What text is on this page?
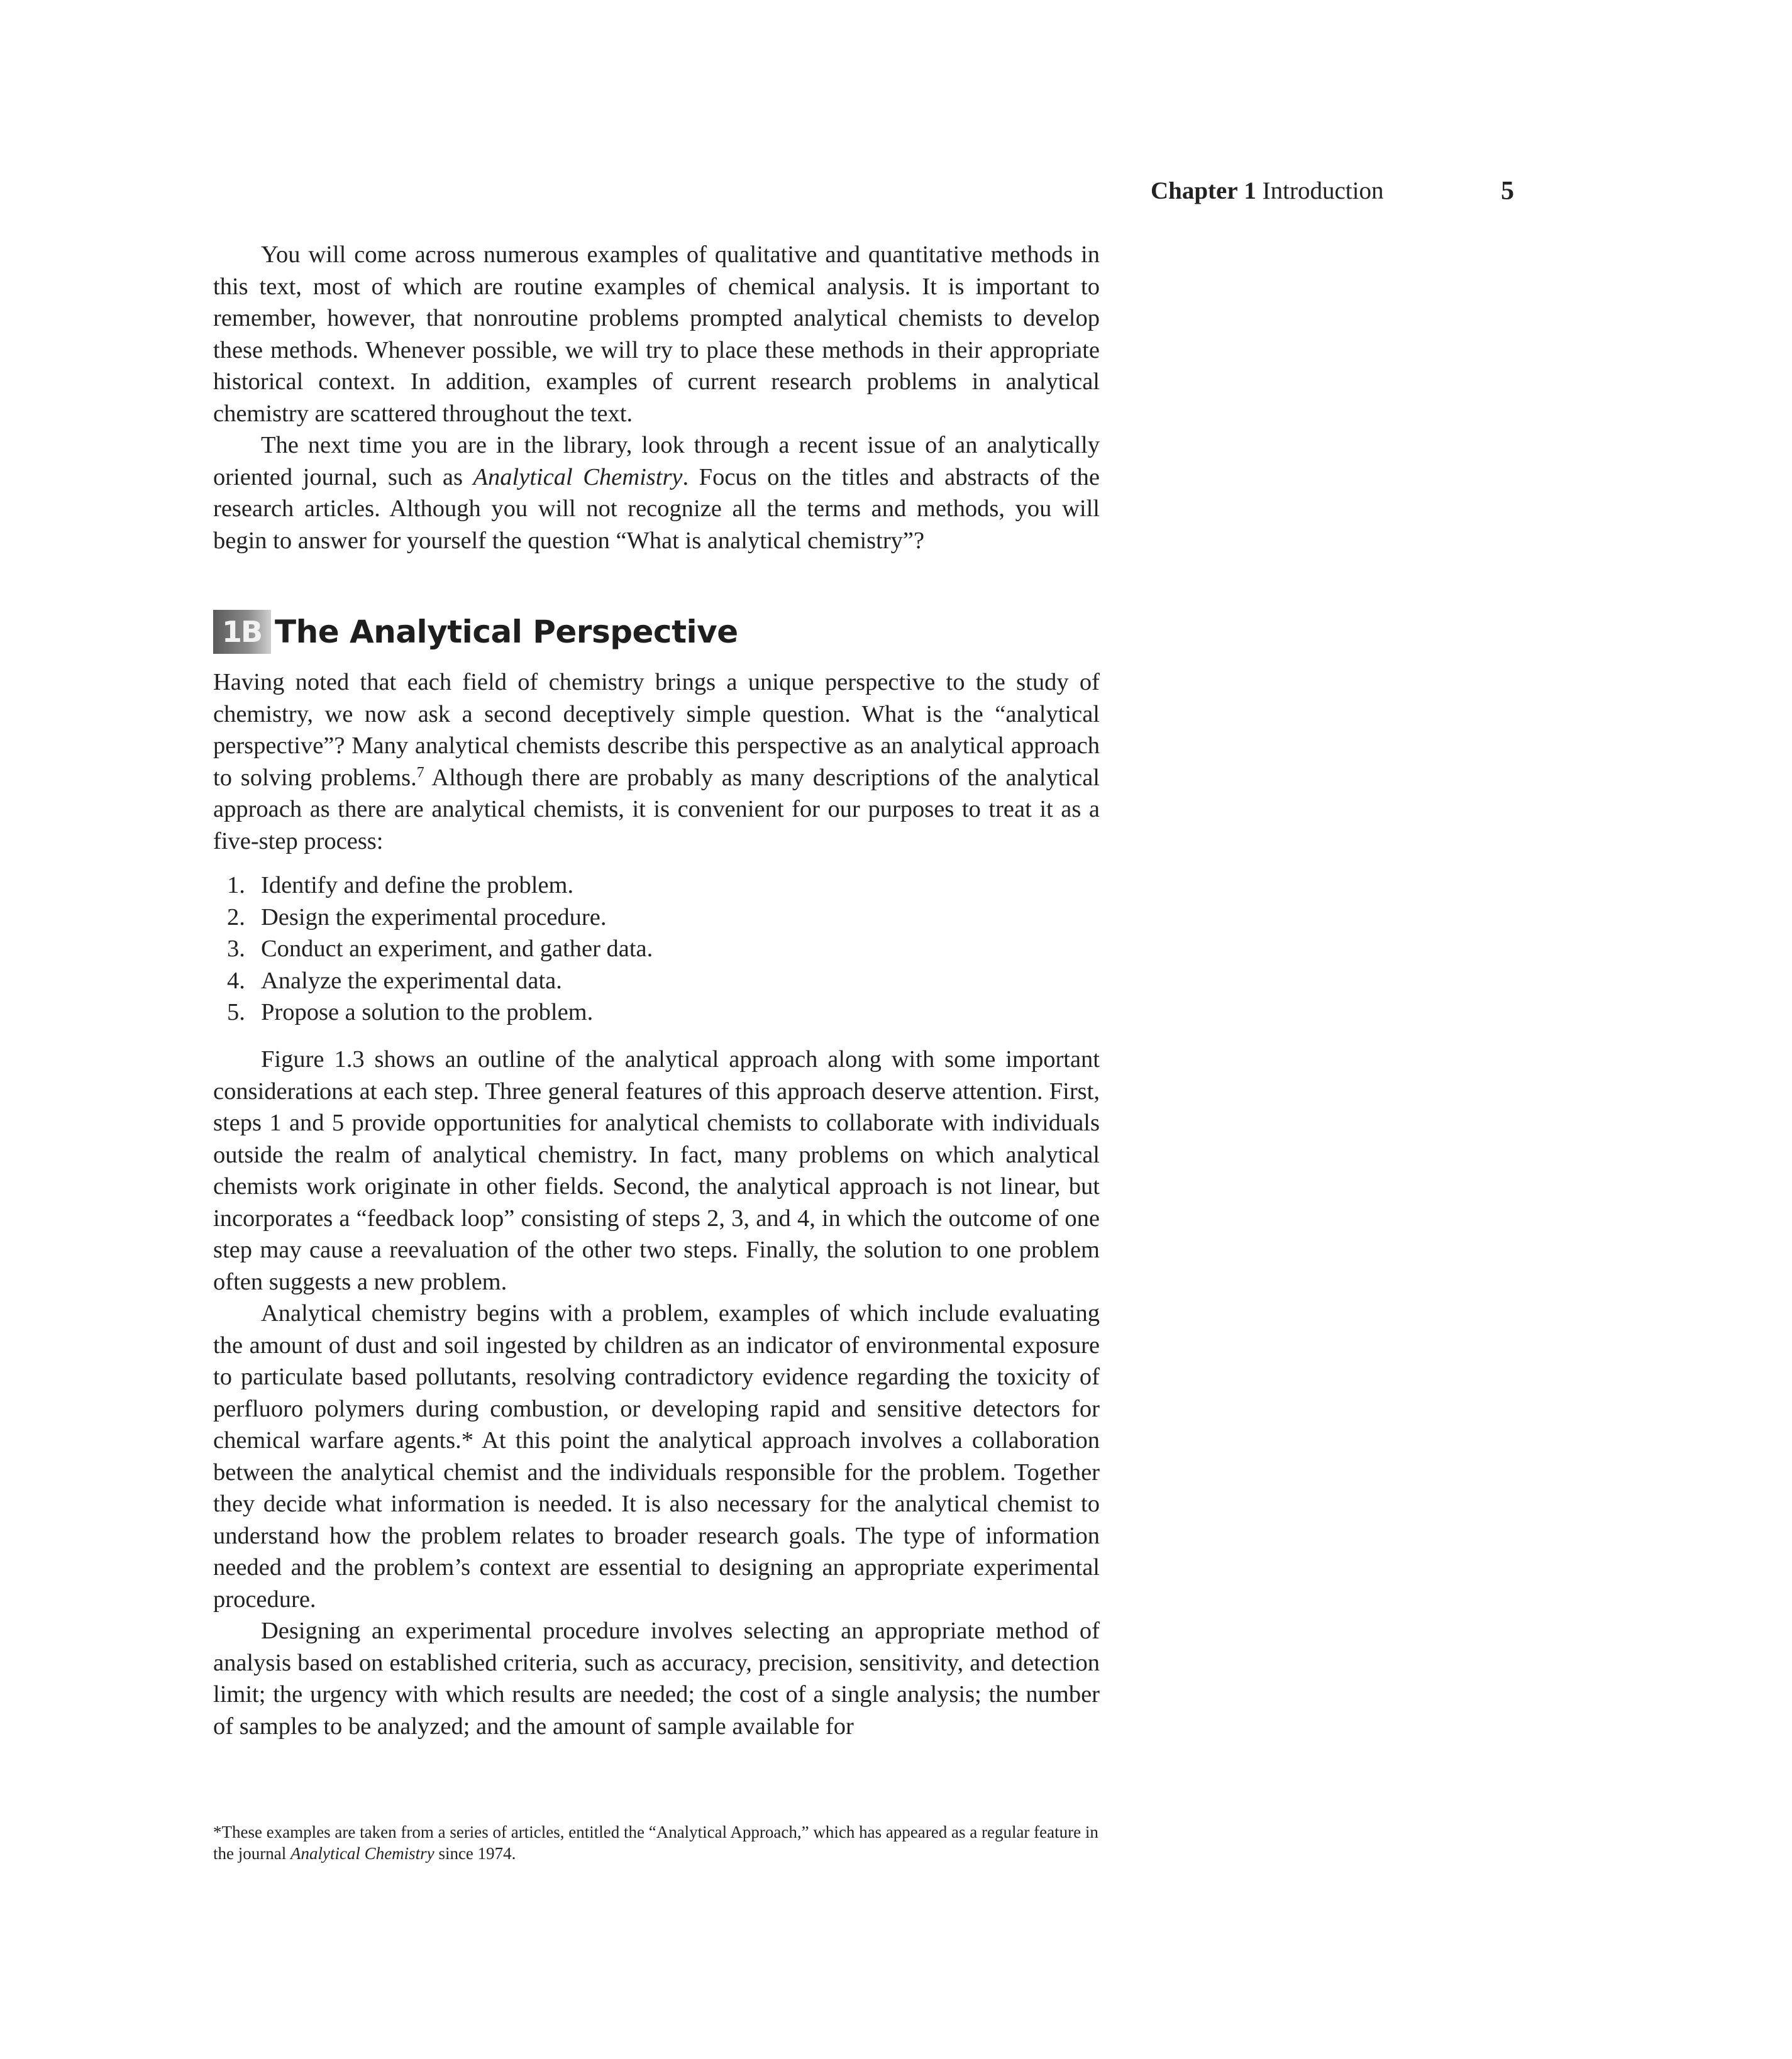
Chapter 1 Introduction	5

You will come across numerous examples of qualitative and quantitative methods in this text, most of which are routine examples of chemical analysis. It is important to remember, however, that nonroutine problems prompted analytical chemists to develop these methods. Whenever possible, we will try to place these methods in their appropriate historical context. In addition, examples of current research problems in analytical chemistry are scattered throughout the text.

The next time you are in the library, look through a recent issue of an analytically oriented journal, such as Analytical Chemistry. Focus on the titles and abstracts of the research articles. Although you will not recognize all the terms and methods, you will begin to answer for yourself the question “What is analytical chemistry”?

1B The Analytical Perspective

Having noted that each field of chemistry brings a unique perspective to the study of chemistry, we now ask a second deceptively simple question. What is the “analytical perspective”? Many analytical chemists describe this perspective as an analytical approach to solving problems.$^7$ Although there are probably as many descriptions of the analytical approach as there are analytical chemists, it is convenient for our purposes to treat it as a five-step process:

1. Identify and define the problem.
2. Design the experimental procedure.
3. Conduct an experiment, and gather data.
4. Analyze the experimental data.
5. Propose a solution to the problem.

Figure 1.3 shows an outline of the analytical approach along with some important considerations at each step. Three general features of this approach deserve attention. First, steps 1 and 5 provide opportunities for analytical chemists to collaborate with individuals outside the realm of analytical chemistry. In fact, many problems on which analytical chemists work originate in other fields. Second, the analytical approach is not linear, but incorporates a “feedback loop” consisting of steps 2, 3, and 4, in which the outcome of one step may cause a reevaluation of the other two steps. Finally, the solution to one problem often suggests a new problem.

Analytical chemistry begins with a problem, examples of which include evaluating the amount of dust and soil ingested by children as an indicator of environmental exposure to particulate based pollutants, resolving contradictory evidence regarding the toxicity of perfluoro polymers during combustion, or developing rapid and sensitive detectors for chemical warfare agents.* At this point the analytical approach involves a collaboration between the analytical chemist and the individuals responsible for the problem. Together they decide what information is needed. It is also necessary for the analytical chemist to understand how the problem relates to broader research goals. The type of information needed and the problem’s context are essential to designing an appropriate experimental procedure.

Designing an experimental procedure involves selecting an appropriate method of analysis based on established criteria, such as accuracy, precision, sensitivity, and detection limit; the urgency with which results are needed; the cost of a single analysis; the number of samples to be analyzed; and the amount of sample available for

*These examples are taken from a series of articles, entitled the “Analytical Approach,” which has appeared as a regular feature in the journal Analytical Chemistry since 1974.
